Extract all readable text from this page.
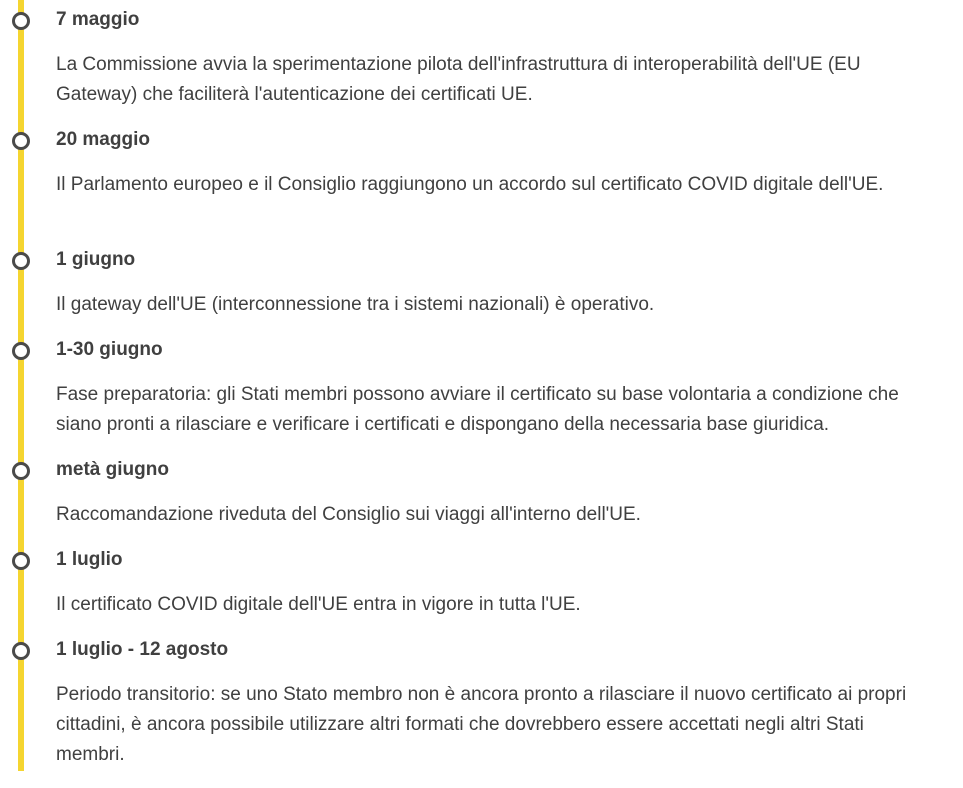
7 maggio
La Commissione avvia la sperimentazione pilota dell'infrastruttura di interoperabilità dell'UE (EU Gateway) che faciliterà l'autenticazione dei certificati UE.
20 maggio
Il Parlamento europeo e il Consiglio raggiungono un accordo sul certificato COVID digitale dell'UE.
1 giugno
Il gateway dell'UE (interconnessione tra i sistemi nazionali) è operativo.
1-30 giugno
Fase preparatoria: gli Stati membri possono avviare il certificato su base volontaria a condizione che siano pronti a rilasciare e verificare i certificati e dispongano della necessaria base giuridica.
metà giugno
Raccomandazione riveduta del Consiglio sui viaggi all'interno dell'UE.
1 luglio
Il certificato COVID digitale dell'UE entra in vigore in tutta l'UE.
1 luglio - 12 agosto
Periodo transitorio: se uno Stato membro non è ancora pronto a rilasciare il nuovo certificato ai propri cittadini, è ancora possibile utilizzare altri formati che dovrebbero essere accettati negli altri Stati membri.
